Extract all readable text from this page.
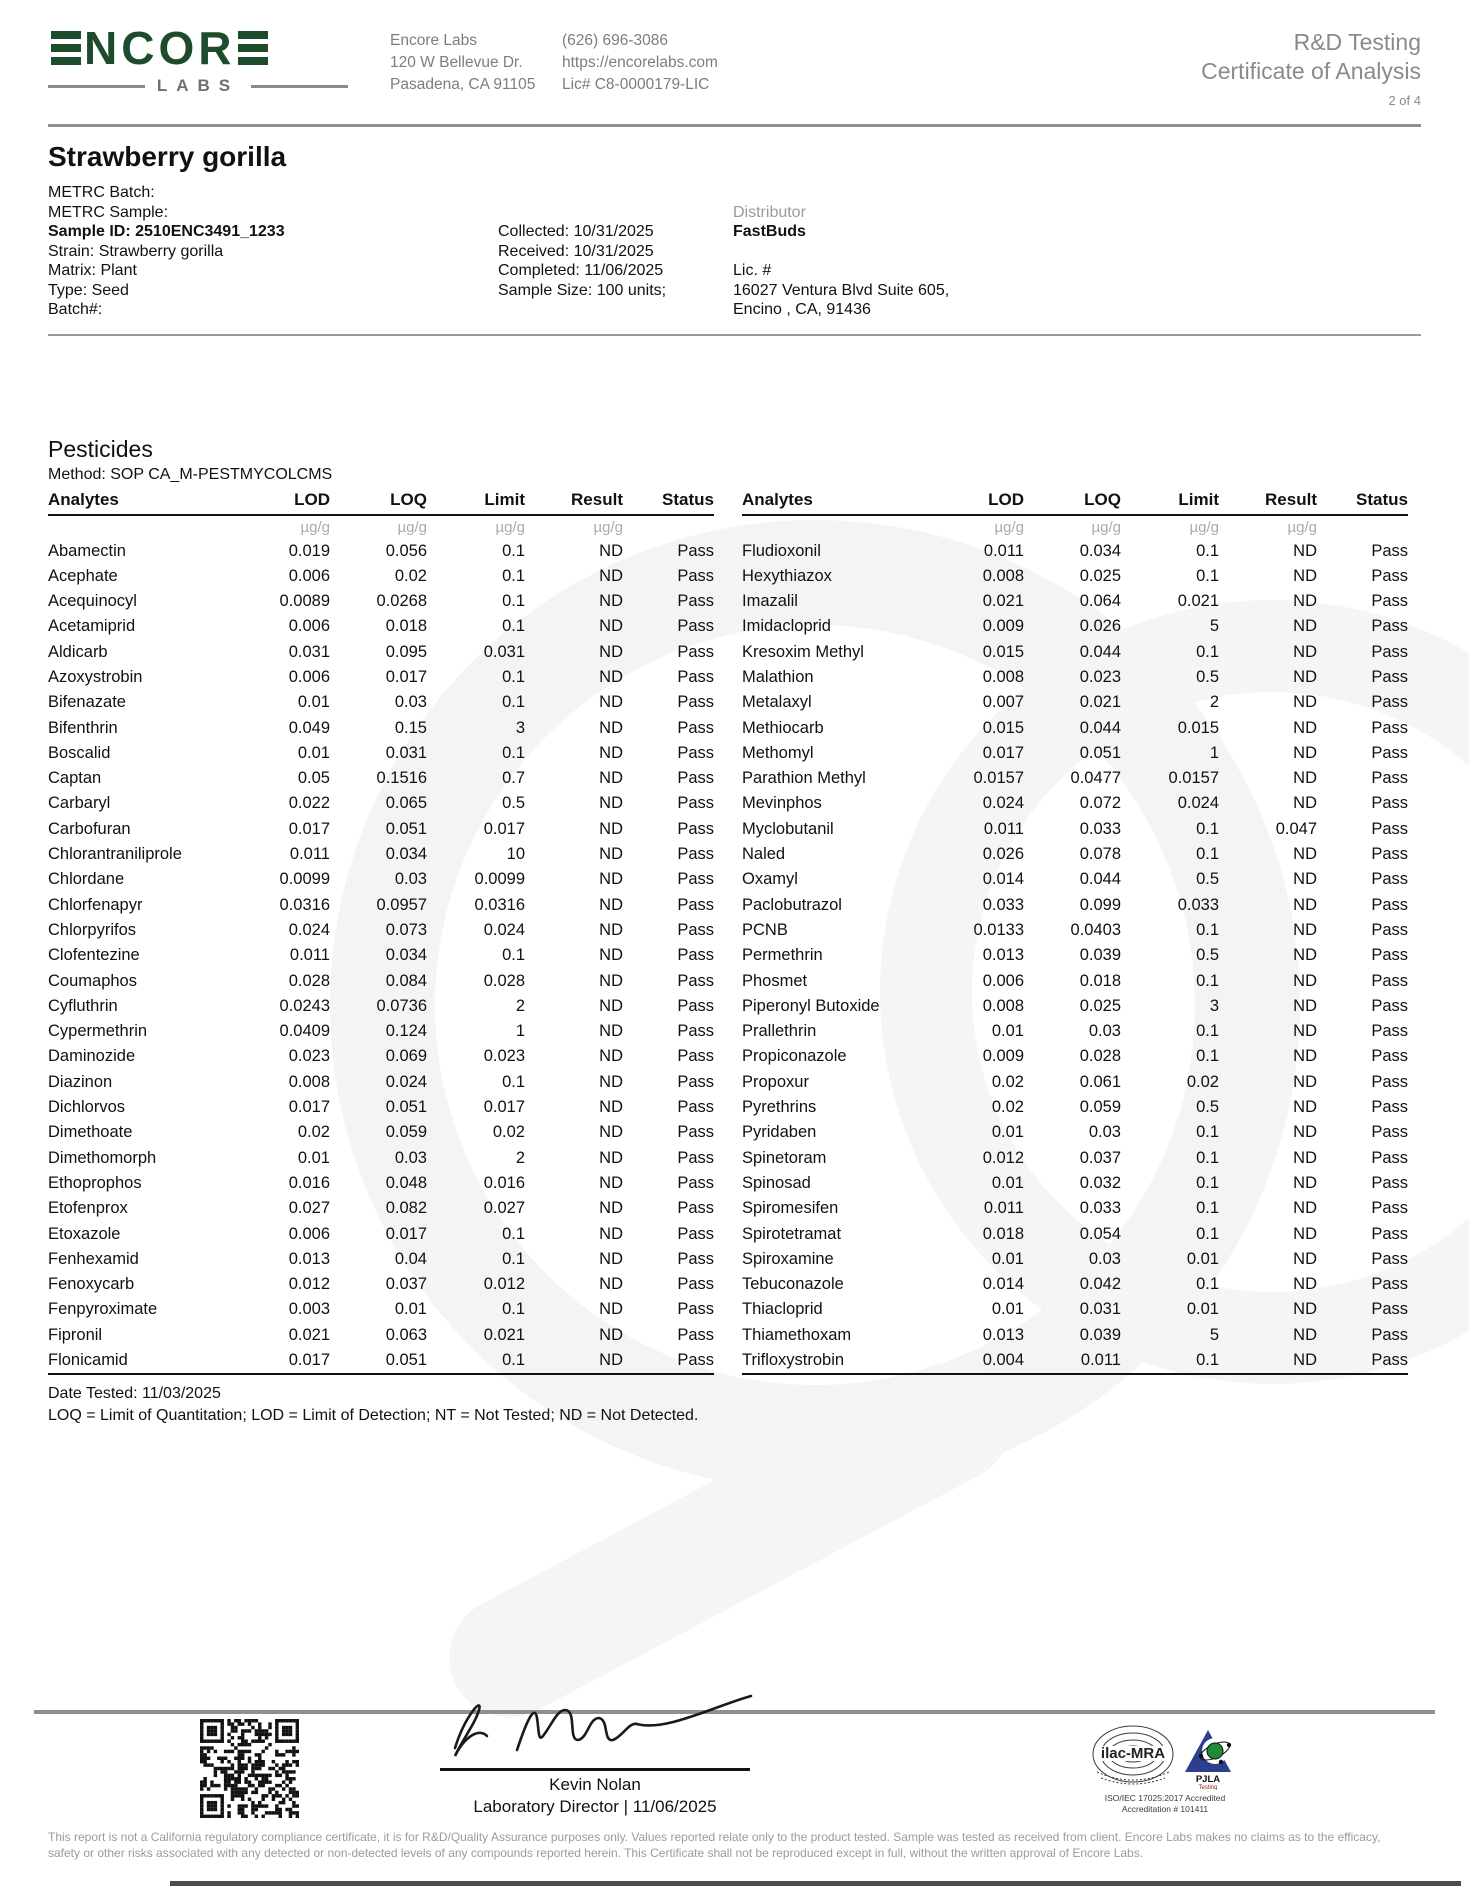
NCOR
LABS
Encore Labs
120 W Bellevue Dr.
Pasadena, CA 91105
(626) 696-3086
https://encorelabs.com
Lic# C8-0000179-LIC
R&D Testing
Certificate of Analysis
2 of 4
Strawberry gorilla
METRC Batch:
METRC Sample:
Sample ID: 2510ENC3491_1233
Strain: Strawberry gorilla
Matrix: Plant
Type: Seed
Batch#:
Collected: 10/31/2025
Received: 10/31/2025
Completed: 11/06/2025
Sample Size: 100 units;
Distributor
FastBuds
Lic. #
16027 Ventura Blvd Suite 605,
Encino , CA, 91436
Pesticides
Method: SOP CA_M-PESTMYCOLCMS
Analytes	LOD	LOQ	Limit	Result	Status
	µg/g	µg/g	µg/g	µg/g	
Abamectin	0.019	0.056	0.1	ND	Pass
Acephate	0.006	0.02	0.1	ND	Pass
Acequinocyl	0.0089	0.0268	0.1	ND	Pass
Acetamiprid	0.006	0.018	0.1	ND	Pass
Aldicarb	0.031	0.095	0.031	ND	Pass
Azoxystrobin	0.006	0.017	0.1	ND	Pass
Bifenazate	0.01	0.03	0.1	ND	Pass
Bifenthrin	0.049	0.15	3	ND	Pass
Boscalid	0.01	0.031	0.1	ND	Pass
Captan	0.05	0.1516	0.7	ND	Pass
Carbaryl	0.022	0.065	0.5	ND	Pass
Carbofuran	0.017	0.051	0.017	ND	Pass
Chlorantraniliprole	0.011	0.034	10	ND	Pass
Chlordane	0.0099	0.03	0.0099	ND	Pass
Chlorfenapyr	0.0316	0.0957	0.0316	ND	Pass
Chlorpyrifos	0.024	0.073	0.024	ND	Pass
Clofentezine	0.011	0.034	0.1	ND	Pass
Coumaphos	0.028	0.084	0.028	ND	Pass
Cyfluthrin	0.0243	0.0736	2	ND	Pass
Cypermethrin	0.0409	0.124	1	ND	Pass
Daminozide	0.023	0.069	0.023	ND	Pass
Diazinon	0.008	0.024	0.1	ND	Pass
Dichlorvos	0.017	0.051	0.017	ND	Pass
Dimethoate	0.02	0.059	0.02	ND	Pass
Dimethomorph	0.01	0.03	2	ND	Pass
Ethoprophos	0.016	0.048	0.016	ND	Pass
Etofenprox	0.027	0.082	0.027	ND	Pass
Etoxazole	0.006	0.017	0.1	ND	Pass
Fenhexamid	0.013	0.04	0.1	ND	Pass
Fenoxycarb	0.012	0.037	0.012	ND	Pass
Fenpyroximate	0.003	0.01	0.1	ND	Pass
Fipronil	0.021	0.063	0.021	ND	Pass
Flonicamid	0.017	0.051	0.1	ND	Pass
Analytes	LOD	LOQ	Limit	Result	Status
	µg/g	µg/g	µg/g	µg/g	
Fludioxonil	0.011	0.034	0.1	ND	Pass
Hexythiazox	0.008	0.025	0.1	ND	Pass
Imazalil	0.021	0.064	0.021	ND	Pass
Imidacloprid	0.009	0.026	5	ND	Pass
Kresoxim Methyl	0.015	0.044	0.1	ND	Pass
Malathion	0.008	0.023	0.5	ND	Pass
Metalaxyl	0.007	0.021	2	ND	Pass
Methiocarb	0.015	0.044	0.015	ND	Pass
Methomyl	0.017	0.051	1	ND	Pass
Parathion Methyl	0.0157	0.0477	0.0157	ND	Pass
Mevinphos	0.024	0.072	0.024	ND	Pass
Myclobutanil	0.011	0.033	0.1	0.047	Pass
Naled	0.026	0.078	0.1	ND	Pass
Oxamyl	0.014	0.044	0.5	ND	Pass
Paclobutrazol	0.033	0.099	0.033	ND	Pass
PCNB	0.0133	0.0403	0.1	ND	Pass
Permethrin	0.013	0.039	0.5	ND	Pass
Phosmet	0.006	0.018	0.1	ND	Pass
Piperonyl Butoxide	0.008	0.025	3	ND	Pass
Prallethrin	0.01	0.03	0.1	ND	Pass
Propiconazole	0.009	0.028	0.1	ND	Pass
Propoxur	0.02	0.061	0.02	ND	Pass
Pyrethrins	0.02	0.059	0.5	ND	Pass
Pyridaben	0.01	0.03	0.1	ND	Pass
Spinetoram	0.012	0.037	0.1	ND	Pass
Spinosad	0.01	0.032	0.1	ND	Pass
Spiromesifen	0.011	0.033	0.1	ND	Pass
Spirotetramat	0.018	0.054	0.1	ND	Pass
Spiroxamine	0.01	0.03	0.01	ND	Pass
Tebuconazole	0.014	0.042	0.1	ND	Pass
Thiacloprid	0.01	0.031	0.01	ND	Pass
Thiamethoxam	0.013	0.039	5	ND	Pass
Trifloxystrobin	0.004	0.011	0.1	ND	Pass
Date Tested: 11/03/2025
LOQ = Limit of Quantitation; LOD = Limit of Detection; NT = Not Tested; ND = Not Detected.
Kevin Nolan
Laboratory Director | 11/06/2025
ilac-MRA
PJLA
Testing
ISO/IEC 17025:2017 Accredited
Accreditation # 101411
This report is not a California regulatory compliance certificate, it is for R&D/Quality Assurance purposes only. Values reported relate only to the product tested. Sample was tested as received from client. Encore Labs makes no claims as to the efficacy, safety or other risks associated with any detected or non-detected levels of any compounds reported herein. This Certificate shall not be reproduced except in full, without the written approval of Encore Labs.
